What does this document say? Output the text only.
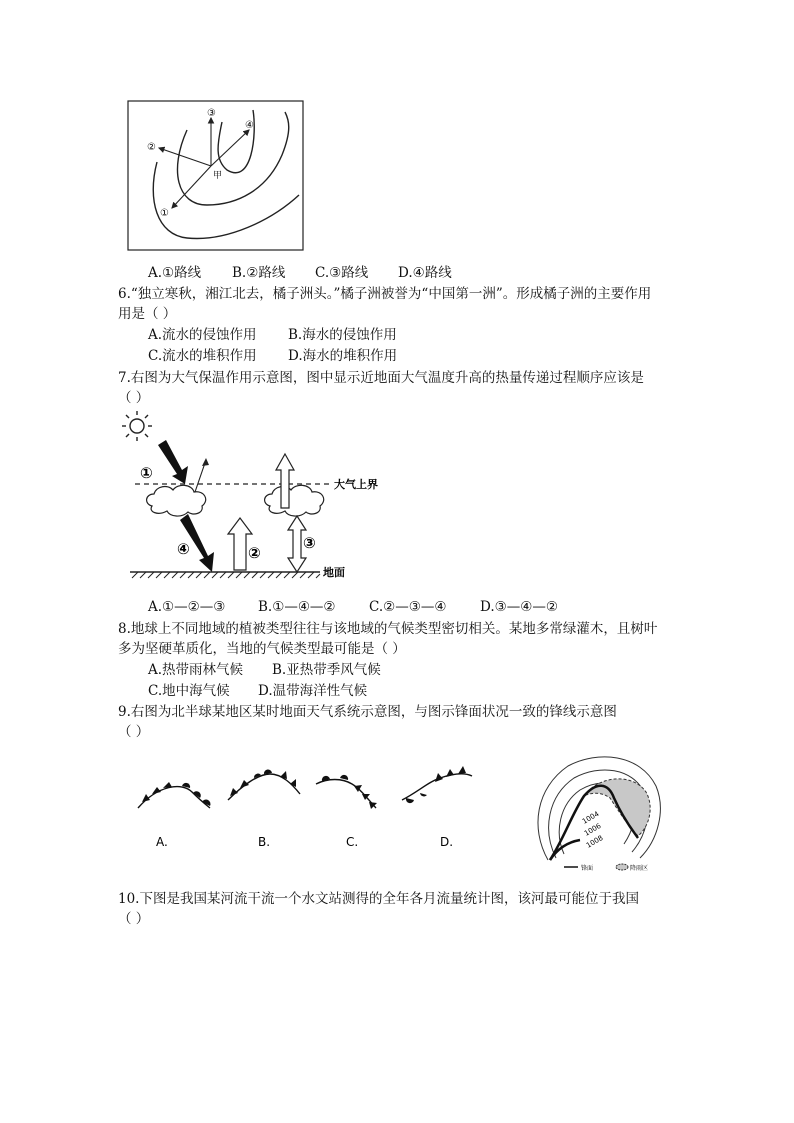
③
④
②
甲
①
A.①路线 B.②路线 C.③路线 D.④路线
6.“独立寒秋，湘江北去，橘子洲头。”橘子洲被誉为“中国第一洲”。形成橘子洲的主要作用
用是（ ）
A.流水的侵蚀作用 B.海水的侵蚀作用
C.流水的堆积作用 D.海水的堆积作用
7.右图为大气保温作用示意图，图中显示近地面大气温度升高的热量传递过程顺序应该是
（ ）
大气上界
地面
①
②
③
④
A.①—②—③ B.①—④—② C.②—③—④ D.③—④—②
8.地球上不同地域的植被类型往往与该地域的气候类型密切相关。某地多常绿灌木，且树叶
多为坚硬革质化，当地的气候类型最可能是（ ）
A.热带雨林气候 B.亚热带季风气候
C.地中海气候 D.温带海洋性气候
9.右图为北半球某地区某时地面天气系统示意图，与图示锋面状况一致的锋线示意图
（ ）
A.	B.	C.	D.
1004
1006
1008
锋面	降雨区
10.下图是我国某河流干流一个水文站测得的全年各月流量统计图，该河最可能位于我国
（ ）
